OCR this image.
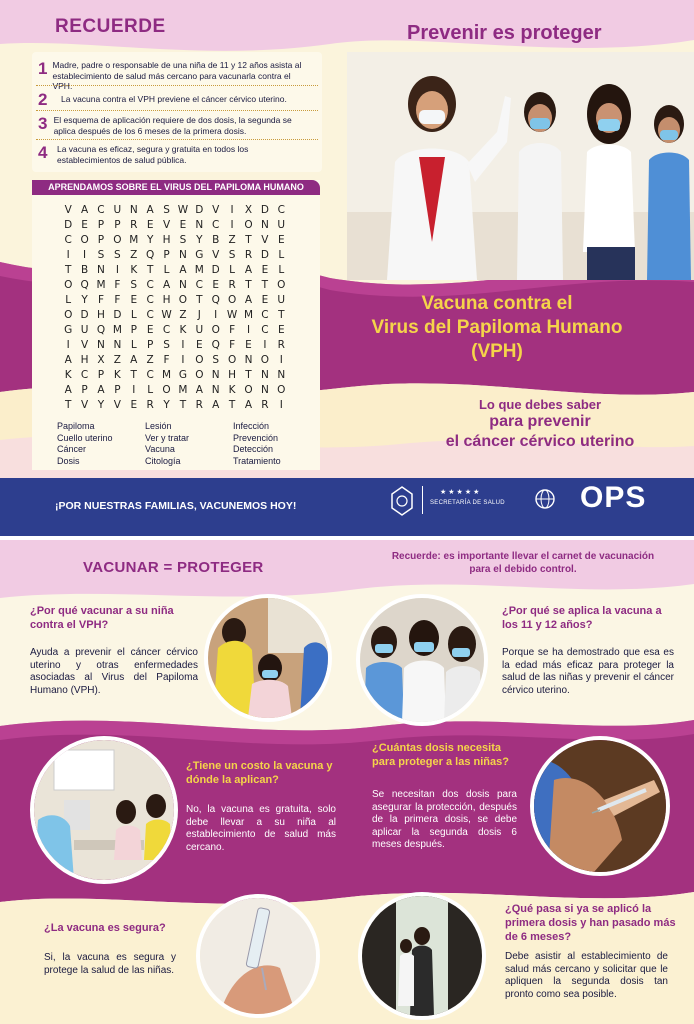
RECUERDE	Prevenir es proteger
1 Madre, padre o responsable de una niña de 11 y 12 años asista al establecimiento de salud más cercano para vacunarla contra el VPH.
2	La vacuna contra el VPH previene el cáncer cérvico uterino.
3 El esquema de aplicación requiere de dos dosis, la segunda se aplica después de los 6 meses de la primera dosis.
4	La vacuna es eficaz, segura y gratuita en todos los establecimientos de salud pública.
APRENDAMOS SOBRE EL VIRUS DEL PAPILOMA HUMANO
V A C U N A S W D V	I	X D C
D E P P R E V E N C	I	O N U
C O P O M Y H S Y B Z T V E
I	I	S S Z Q P N G V S R D L
T B N	I	K T L A M D L A E L
O Q M F S C A N C E R T T O
L Y F F E C H O T Q O A E U
O D H D L C W Z	J	I W M C T
G U Q M P E C K U O F	I	C E
I	V N N L P S	I	E Q F E	I	R
A H X Z A Z F	I	O S O N O	I
K C P K T C M G O N H T N N
A P A P	I	L O M A N K O N O
T V Y V E R Y T R A T A R	I
Papiloma	Lesión	Infección
Cuello uterino	Ver y tratar	Prevención
Cáncer	Vacuna	Detección
Dosis	Citología	Tratamiento
Vacuna contra el
Virus del Papiloma Humano
(VPH)
Lo que debes saber
para prevenir
el cáncer cérvico uterino
¡POR NUESTRAS FAMILIAS, VACUNEMOS HOY!
★★★★★
SECRETARÍA DE SALUD	OPS
VACUNAR = PROTEGER
Recuerde: es importante llevar el carnet de vacunación para el debido control.
¿Por qué vacunar a su niña contra el VPH?
Ayuda a prevenir el cáncer cérvico uterino y otras enfermedades asociadas al Virus del Papiloma Humano (VPH).
¿Por qué se aplica la vacuna a los 11 y 12 años?
Porque se ha demostrado que esa es la edad más eficaz para proteger la salud de las niñas y prevenir el cáncer cérvico uterino.
¿Tiene un costo la vacuna y dónde la aplican?
No, la vacuna es gratuita, solo debe llevar a su niña al establecimiento de salud más cercano.
¿Cuántas dosis necesita para proteger a las niñas?
Se necesitan dos dosis para asegurar la protección, después de la primera dosis, se debe aplicar la segunda dosis 6 meses después.
¿La vacuna es segura?
Si, la vacuna es segura y protege la salud de las niñas.
¿Qué pasa si ya se aplicó la primera dosis y han pasado más de 6 meses?
Debe asistir al establecimiento de salud más cercano y solicitar que le apliquen la segunda dosis tan pronto como sea posible.
